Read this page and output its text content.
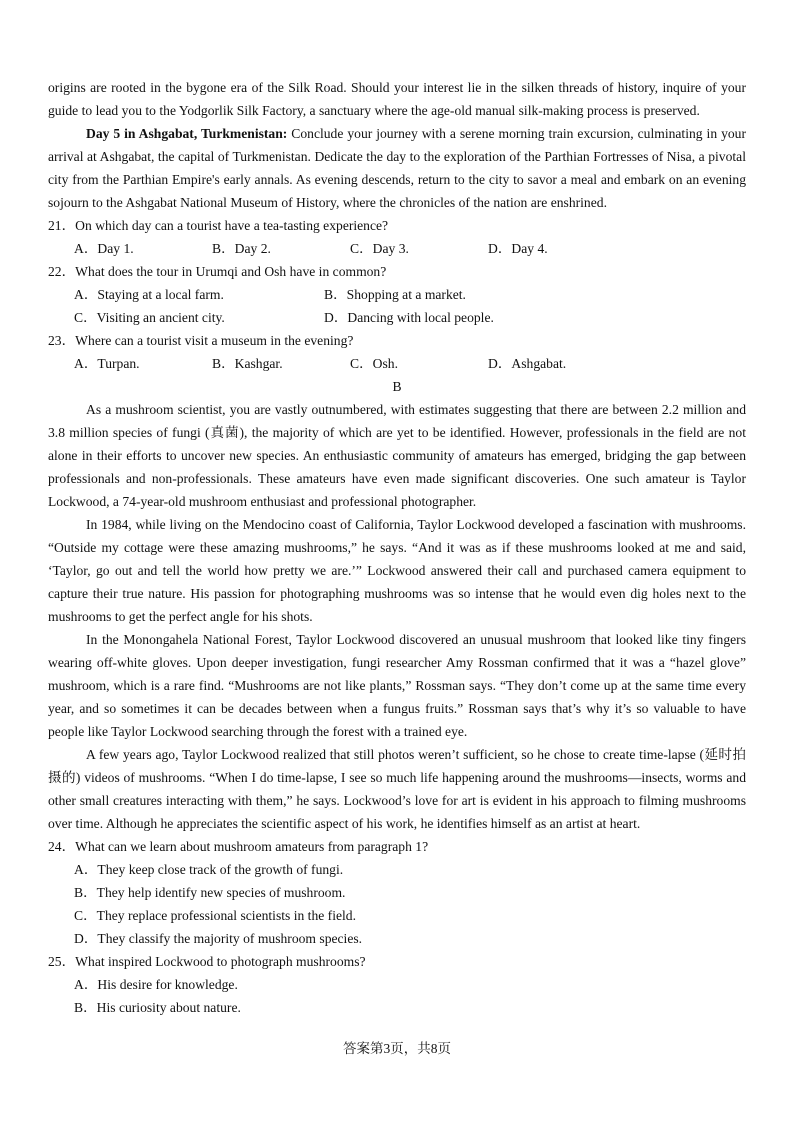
origins are rooted in the bygone era of the Silk Road. Should your interest lie in the silken threads of history, inquire of your guide to lead you to the Yodgorlik Silk Factory, a sanctuary where the age-old manual silk-making process is preserved.

Day 5 in Ashgabat, Turkmenistan: Conclude your journey with a serene morning train excursion, culminating in your arrival at Ashgabat, the capital of Turkmenistan. Dedicate the day to the exploration of the Parthian Fortresses of Nisa, a pivotal city from the Parthian Empire's early annals. As evening descends, return to the city to savor a meal and embark on an evening sojourn to the Ashgabat National Museum of History, where the chronicles of the nation are enshrined.

21．On which day can a tourist have a tea-tasting experience?
A．Day 1.	B．Day 2.	C．Day 3.	D．Day 4.
22．What does the tour in Urumqi and Osh have in common?
A．Staying at a local farm.	B．Shopping at a market.
C．Visiting an ancient city.	D．Dancing with local people.
23．Where can a tourist visit a museum in the evening?
A．Turpan.	B．Kashgar.	C．Osh.	D．Ashgabat.
B

As a mushroom scientist, you are vastly outnumbered, with estimates suggesting that there are between 2.2 million and 3.8 million species of fungi (真菌), the majority of which are yet to be identified. However, professionals in the field are not alone in their efforts to uncover new species. An enthusiastic community of amateurs has emerged, bridging the gap between professionals and non-professionals. These amateurs have even made significant discoveries. One such amateur is Taylor Lockwood, a 74-year-old mushroom enthusiast and professional photographer.

In 1984, while living on the Mendocino coast of California, Taylor Lockwood developed a fascination with mushrooms. “Outside my cottage were these amazing mushrooms,” he says. “And it was as if these mushrooms looked at me and said, ‘Taylor, go out and tell the world how pretty we are.’” Lockwood answered their call and purchased camera equipment to capture their true nature. His passion for photographing mushrooms was so intense that he would even dig holes next to the mushrooms to get the perfect angle for his shots.

In the Monongahela National Forest, Taylor Lockwood discovered an unusual mushroom that looked like tiny fingers wearing off-white gloves. Upon deeper investigation, fungi researcher Amy Rossman confirmed that it was a “hazel glove” mushroom, which is a rare find. “Mushrooms are not like plants,” Rossman says. “They don’t come up at the same time every year, and so sometimes it can be decades between when a fungus fruits.” Rossman says that’s why it’s so valuable to have people like Taylor Lockwood searching through the forest with a trained eye.

A few years ago, Taylor Lockwood realized that still photos weren’t sufficient, so he chose to create time-lapse (延时拍摄的) videos of mushrooms. “When I do time-lapse, I see so much life happening around the mushrooms—insects, worms and other small creatures interacting with them,” he says. Lockwood’s love for art is evident in his approach to filming mushrooms over time. Although he appreciates the scientific aspect of his work, he identifies himself as an artist at heart.

24．What can we learn about mushroom amateurs from paragraph 1?
A．They keep close track of the growth of fungi.
B．They help identify new species of mushroom.
C．They replace professional scientists in the field.
D．They classify the majority of mushroom species.
25．What inspired Lockwood to photograph mushrooms?
A．His desire for knowledge.
B．His curiosity about nature.
答案第3页，共8页
